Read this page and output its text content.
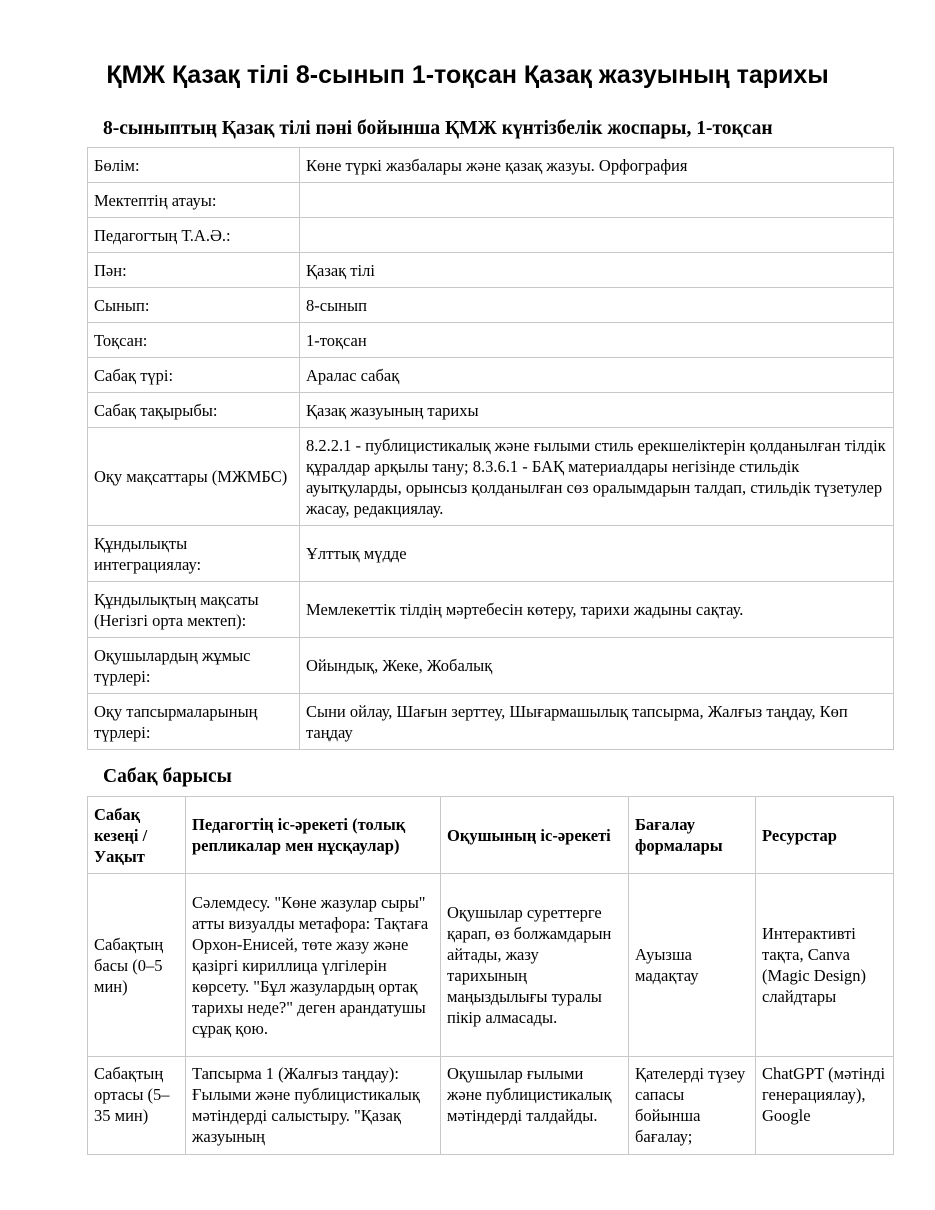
ҚМЖ Қазақ тілі 8-сынып 1-тоқсан Қазақ жазуының тарихы
8-сыныптың Қазақ тілі пәні бойынша ҚМЖ күнтізбелік жоспары, 1-тоқсан
Бөлім:	Көне түркі жазбалары және қазақ жазуы. Орфография
Мектептің атауы:	
Педагогтың Т.А.Ә.:	
Пән:	Қазақ тілі
Сынып:	8-сынып
Тоқсан:	1-тоқсан
Сабақ түрі:	Аралас сабақ
Сабақ тақырыбы:	Қазақ жазуының тарихы
Оқу мақсаттары (МЖМБС)	8.2.2.1 - публицистикалық және ғылыми стиль ерекшеліктерін қолданылған тілдік құралдар арқылы тану; 8.3.6.1 - БАҚ материалдары негізінде стильдік ауытқуларды, орынсыз қолданылған сөз оралымдарын талдап, стильдік түзетулер жасау, редакциялау.
Құндылықты интеграциялау:	Ұлттық мүдде
Құндылықтың мақсаты (Негізгі орта мектеп):	Мемлекеттік тілдің мәртебесін көтеру, тарихи жадыны сақтау.
Оқушылардың жұмыс түрлері:	Ойындық, Жеке, Жобалық
Оқу тапсырмаларының түрлері:	Сыни ойлау, Шағын зерттеу, Шығармашылық тапсырма, Жалғыз таңдау, Көп таңдау
Сабақ барысы
Сабақ кезеңі / Уақыт	Педагогтің іс-әрекеті (толық репликалар мен нұсқаулар)	Оқушының іс-әрекеті	Бағалау формалары	Ресурстар
Сабақтың басы (0–5 мин)	Сәлемдесу. "Көне жазулар сыры" атты визуалды метафора: Тақтаға Орхон-Енисей, төте жазу және қазіргі кириллица үлгілерін көрсету. "Бұл жазулардың ортақ тарихы неде?" деген арандатушы сұрақ қою.	Оқушылар суреттерге қарап, өз болжамдарын айтады, жазу тарихының маңыздылығы туралы пікір алмасады.	Ауызша мадақтау	Интерактивті тақта, Canva (Magic Design) слайдтары
Сабақтың ортасы (5–35 мин)	Тапсырма 1 (Жалғыз таңдау): Ғылыми және публицистикалық мәтіндерді салыстыру. "Қазақ жазуының	Оқушылар ғылыми және публицистикалық мәтіндерді талдайды.	Қателерді түзеу сапасы бойынша бағалау;	ChatGPT (мәтінді генерациялау), Google
